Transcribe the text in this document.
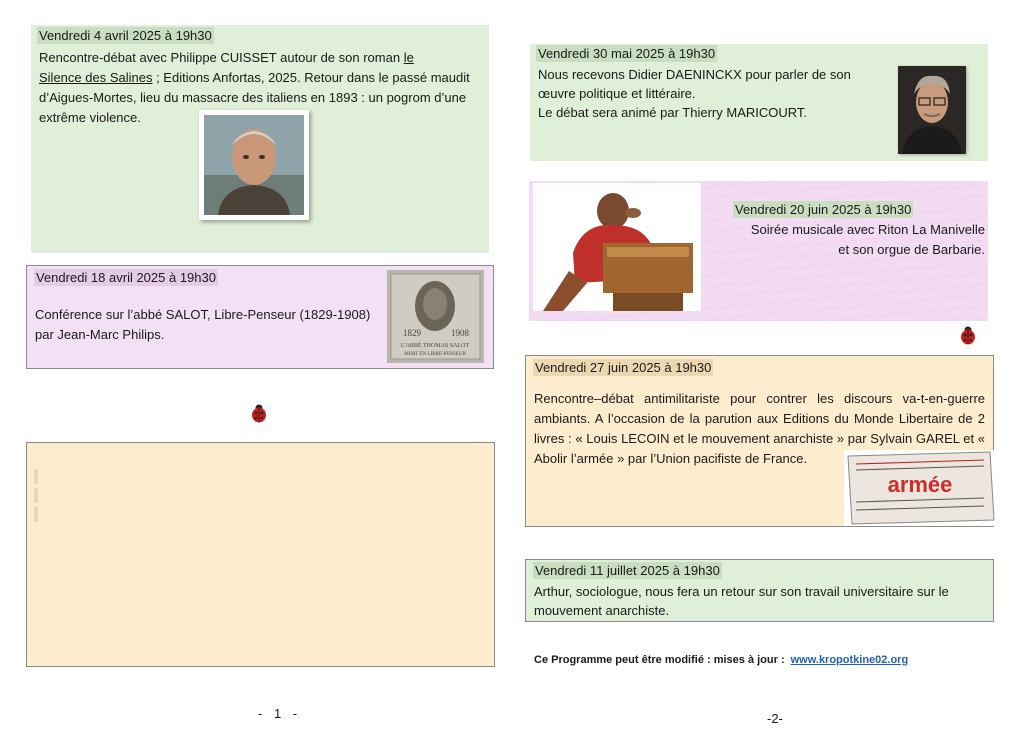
Vendredi 4 avril 2025 à 19h30
Rencontre-débat avec Philippe CUISSET autour de son roman le
Silence des Salines ; Editions Anfortas, 2025. Retour dans le passé maudit d’Aigues-Mortes, lieu du massacre des italiens en 1893 : un pogrom d’une extrême violence.
Vendredi 18 avril 2025 à 19h30
Conférence sur l’abbé SALOT, Libre-Penseur (1829-1908) par Jean-Marc Philips.	1829	1908
L'ABBÉ THOMAS SALOT
MORT EN LIBRE-PENSEUR

Vendredi 30 mai 2025 à 19h30
Nous recevons Didier DAENINCKX pour parler de son
œuvre politique et littéraire.
Le débat sera animé par Thierry MARICOURT.
Vendredi 20 juin 2025 à 19h30
Soirée musicale avec Riton La Manivelle
et son orgue de Barbarie.
Vendredi 27 juin 2025 à 19h30
Rencontre–débat antimilitariste pour contrer les discours va-t-en-guerre ambiants. A l’occasion de la parution aux Editions du Monde Libertaire de 2 livres : « Louis LECOIN et le mouvement anarchiste » par Sylvain GAREL et « Abolir l’armée » par l’Union pacifiste de France.
armée
Vendredi 11 juillet 2025 à 19h30
Arthur, sociologue, nous fera un retour sur son travail universitaire sur le mouvement anarchiste.
Ce Programme peut être modifié : mises à jour : www.kropotkine02.org
- 1 -	-2-
